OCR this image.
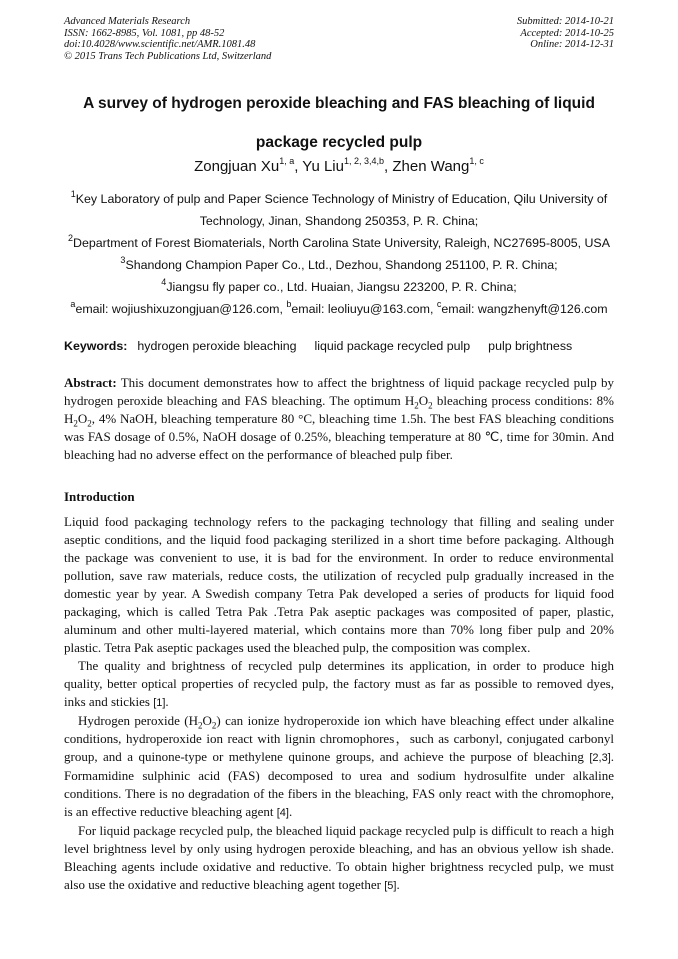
Advanced Materials Research
ISSN: 1662-8985, Vol. 1081, pp 48-52
doi:10.4028/www.scientific.net/AMR.1081.48
© 2015 Trans Tech Publications Ltd, Switzerland
Submitted: 2014-10-21
Accepted: 2014-10-25
Online: 2014-12-31
A survey of hydrogen peroxide bleaching and FAS bleaching of liquid
package recycled pulp
Zongjuan Xu$^{1, a}$, Yu Liu$^{1, 2, 3,4,b}$, Zhen Wang$^{1, c}$
$^1$Key Laboratory of pulp and Paper Science Technology of Ministry of Education, Qilu University of Technology, Jinan, Shandong 250353, P. R. China;
$^2$Department of Forest Biomaterials, North Carolina State University, Raleigh, NC27695-8005, USA
$^3$Shandong Champion Paper Co., Ltd., Dezhou, Shandong 251100, P. R. China;
$^4$Jiangsu fly paper co., Ltd. Huaian, Jiangsu 223200, P. R. China;
$^a$email: wojiushixuzongjuan@126.com, $^b$email: leoliuyu@163.com, $^c$email: wangzhenyft@126.com
Keywords: hydrogen peroxide bleaching liquid package recycled pulp pulp brightness
Abstract: This document demonstrates how to affect the brightness of liquid package recycled pulp by hydrogen peroxide bleaching and FAS bleaching. The optimum $H_2O_2$ bleaching process conditions: 8% $H_2O_2$, 4% NaOH, bleaching temperature 80 °C, bleaching time 1.5h. The best FAS bleaching conditions was FAS dosage of 0.5%, NaOH dosage of 0.25%, bleaching temperature at 80 ℃, time for 30min. And bleaching had no adverse effect on the performance of bleached pulp fiber.
Introduction

Liquid food packaging technology refers to the packaging technology that filling and sealing under aseptic conditions, and the liquid food packaging sterilized in a short time before packaging. Although the package was convenient to use, it is bad for the environment. In order to reduce environmental pollution, save raw materials, reduce costs, the utilization of recycled pulp gradually increased in the domestic year by year. A Swedish company Tetra Pak developed a series of products for liquid food packaging, which is called Tetra Pak .Tetra Pak aseptic packages was composited of paper, plastic, aluminum and other multi-layered material, which contains more than 70% long fiber pulp and 20% plastic. Tetra Pak aseptic packages used the bleached pulp, the composition was complex.

The quality and brightness of recycled pulp determines its application, in order to produce high quality, better optical properties of recycled pulp, the factory must as far as possible to removed dyes, inks and stickies [1].

Hydrogen peroxide $(H_2O_2)$ can ionize hydroperoxide ion which have bleaching effect under alkaline conditions, hydroperoxide ion react with lignin chromophores，such as carbonyl, conjugated carbonyl group, and a quinone-type or methylene quinone groups, and achieve the purpose of bleaching [2,3]. Formamidine sulphinic acid (FAS) decomposed to urea and sodium hydrosulfite under alkaline conditions. There is no degradation of the fibers in the bleaching, FAS only react with the chromophore, is an effective reductive bleaching agent [4].

For liquid package recycled pulp, the bleached liquid package recycled pulp is difficult to reach a high level brightness level by only using hydrogen peroxide bleaching, and has an obvious yellow ish shade. Bleaching agents include oxidative and reductive. To obtain higher brightness recycled pulp, we must also use the oxidative and reductive bleaching agent together [5].
